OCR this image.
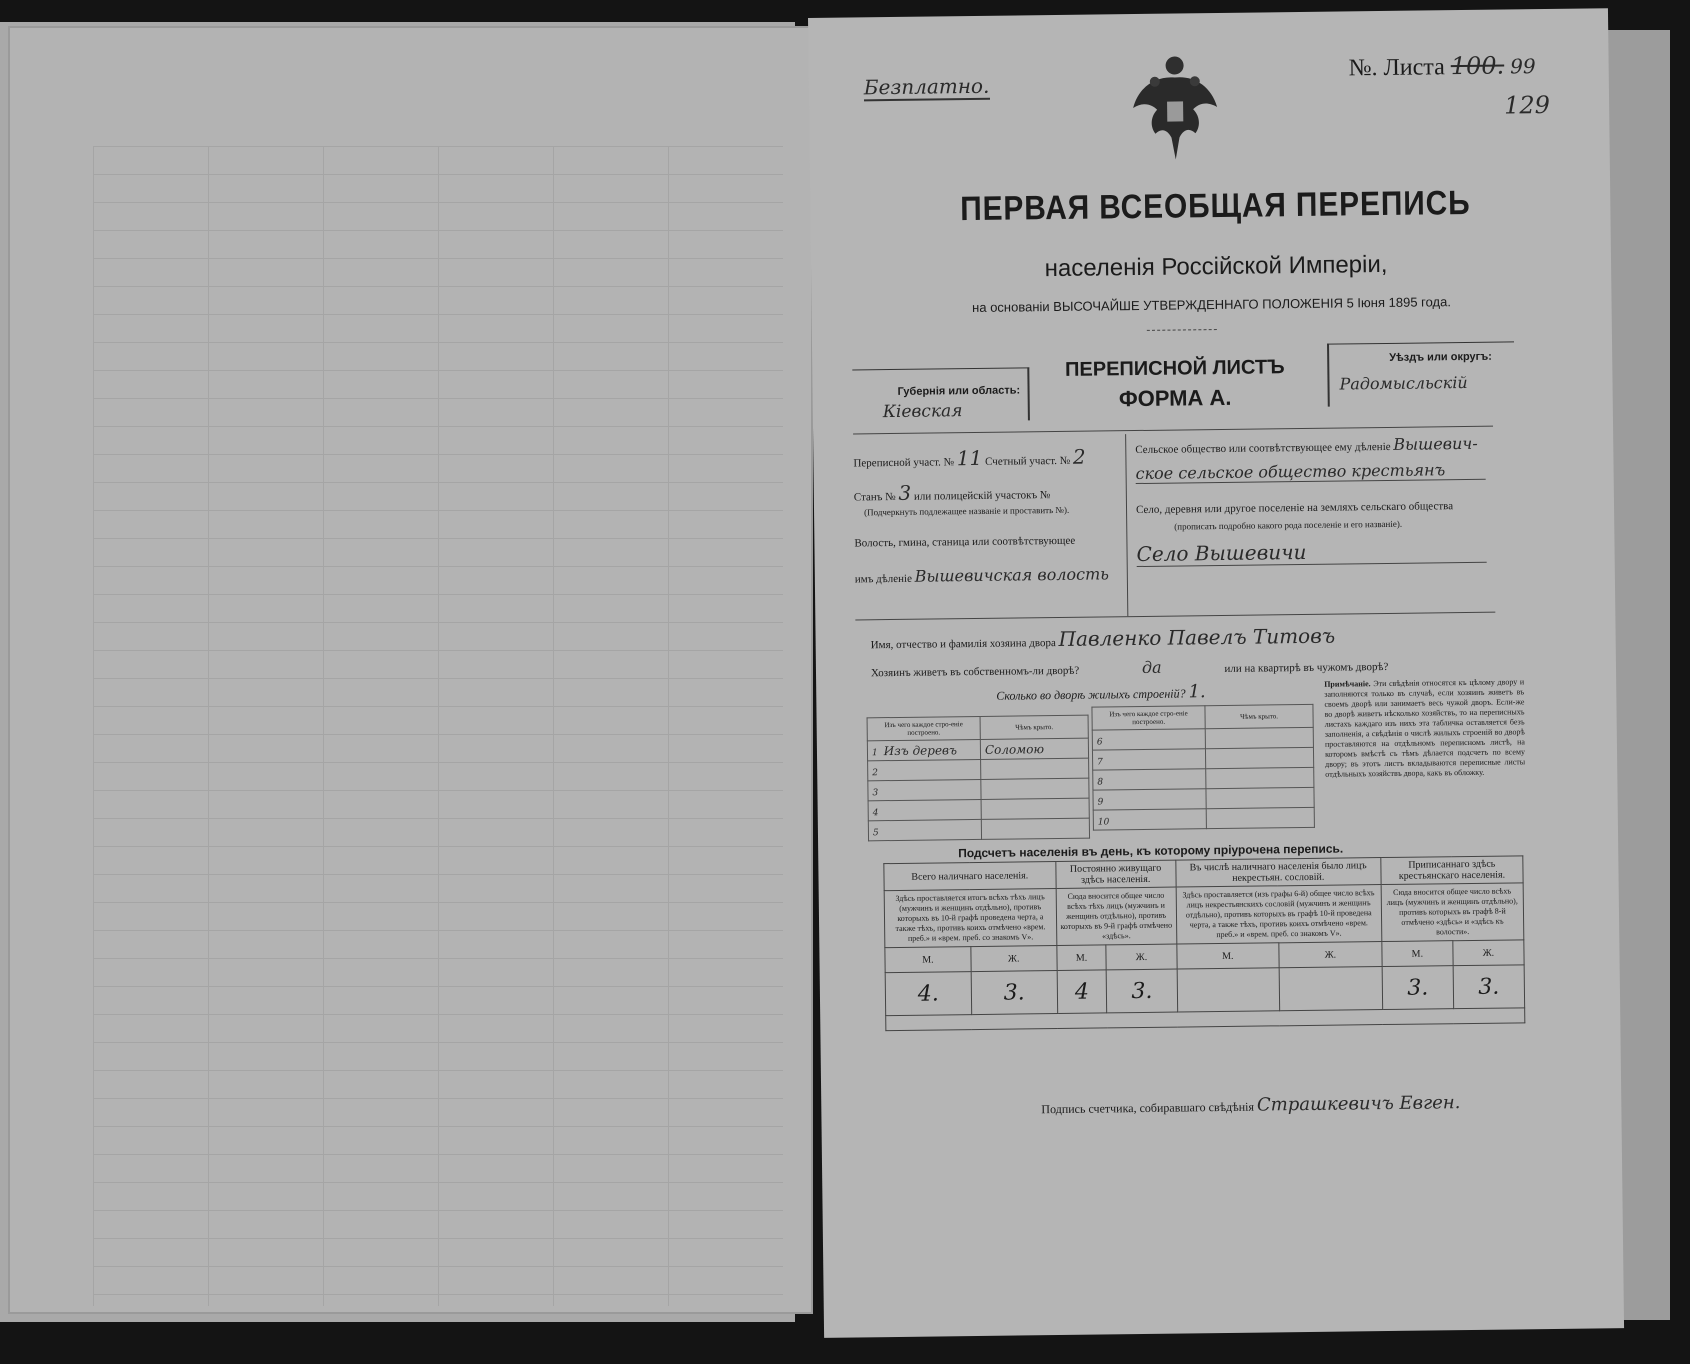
Безплатно.
№. Листа 100. 99
129
ПЕРВАЯ ВСЕОБЩАЯ ПЕРЕПИСЬ
населенія Россійской Имперіи,
на основаніи ВЫСОЧАЙШЕ УТВЕРЖДЕННАГО ПОЛОЖЕНІЯ 5 Іюня 1895 года.
Губернія или область:
Кіевская
ПЕРЕПИСНОЙ ЛИСТЪ
ФОРМА А.
Уѣздъ или округъ:
Радомысльскій
Переписной участ. № 11 Счетный участ. № 2
Станъ № 3 или полицейскій участокъ №
(Подчеркнуть подлежащее названіе и проставить №).
Волость, гмина, станица или соотвѣтствующее
имъ дѣленіе Вышевичская волость
Сельское общество или соотвѣтствующее ему дѣленіе Вышевич-
ское сельское общество крестьянъ
Село, деревня или другое поселеніе на земляхъ сельскаго общества
(прописать подробно какого рода поселеніе и его названіе).
Село Вышевичи
Имя, отчество и фамилія хозяина двора Павленко Павелъ Титовъ
Хозяинъ живетъ въ собственномъ-ли дворѣ?	да	или на квартирѣ въ чужомъ дворѣ?
Сколько во дворѣ жилыхъ строеній? 1.
Изъ чего каждое стро-еніе построено.	Чѣмъ крыто.
1 Изъ деревъ	Соломою
2	
3	
4	
5	
Изъ чего каждое стро-еніе построено.	Чѣмъ крыто.
6	
7	
8	
9	
10	
Примѣчаніе. Эти свѣдѣнія относятся къ цѣлому двору и заполняются только въ случаѣ, если хозяинъ живетъ въ своемъ дворѣ или занимаетъ весь чужой дворъ. Если-же во дворѣ живетъ нѣсколько хозяйствъ, то на переписныхъ листахъ каждаго изъ нихъ эта табличка оставляется безъ заполненія, а свѣдѣнія о числѣ жилыхъ строеній во дворѣ проставляются на отдѣльномъ переписномъ листѣ, на которомъ вмѣстѣ съ тѣмъ дѣлается подсчетъ по всему двору; въ этотъ листъ вкладываются переписные листы отдѣльныхъ хозяйствъ двора, какъ въ обложку.
Подсчетъ населенія въ день, къ которому пріурочена перепись.
Всего наличнаго населенія.		Постоянно живущаго здѣсь населенія.		Въ числѣ наличнаго населенія было лицъ некрестьян. сословій.		Приписаннаго здѣсь крестьянскаго населенія.	
Здѣсь проставляется итогъ всѣхъ тѣхъ лицъ (мужчинъ и женщинъ отдѣльно), противъ которыхъ въ 10-й графѣ проведена черта, а также тѣхъ, противъ коихъ отмѣчено «врем. преб.» и «врем. преб. со знакомъ V».		Сюда вносится общее число всѣхъ тѣхъ лицъ (мужчинъ и женщинъ отдѣльно), противъ которыхъ въ 9-й графѣ отмѣчено «здѣсь».		Здѣсь проставляется (изъ графы 6-й) общее число всѣхъ лицъ некрестьянскихъ сословій (мужчинъ и женщинъ отдѣльно), противъ которыхъ въ графѣ 10-й проведена черта, а также тѣхъ, противъ коихъ отмѣчено «врем. преб.» и «врем. преб. со знакомъ V».		Сюда вносится общее число всѣхъ лицъ (мужчинъ и женщинъ отдѣльно), противъ которыхъ въ графѣ 8-й отмѣчено «здѣсь» и «здѣсь къ волости».	
М.	Ж.	М.	Ж.	М.	Ж.	М.	Ж.
4.	3.	4	3.			3.	3.

Подпись счетчика, собиравшаго свѣдѣнія Страшкевичъ Евген.
